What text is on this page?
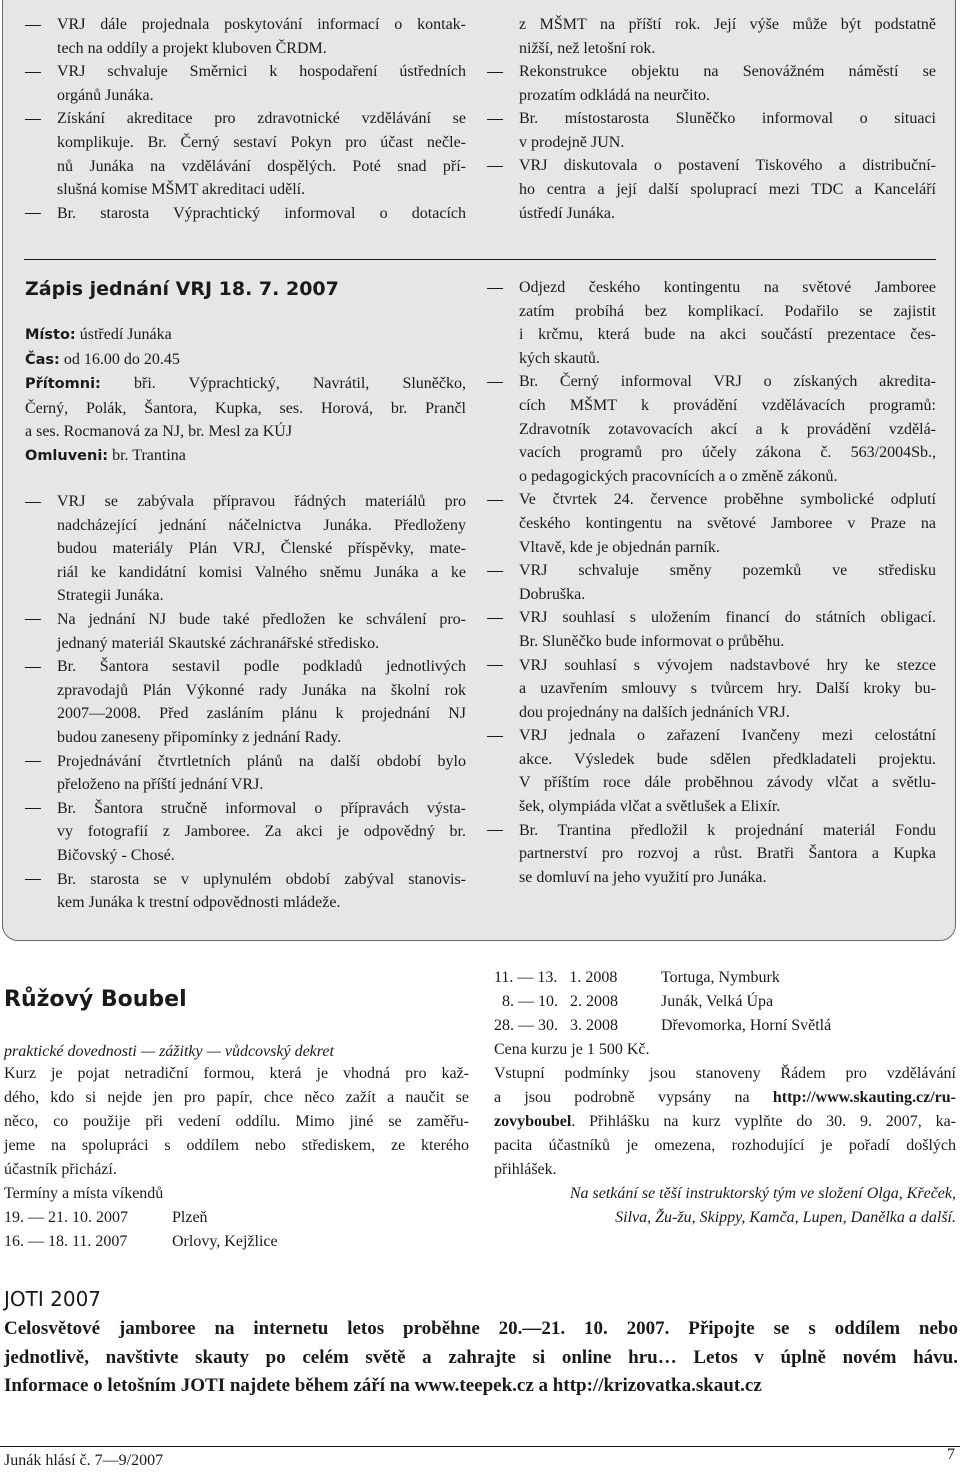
VRJ dále projednala poskytování informací o kontak-
tech na oddíly a projekt kluboven ČRDM.
VRJ schvaluje Směrnici k hospodaření ústředních
orgánů Junáka.
Získání akreditace pro zdravotnické vzdělávání se
komplikuje. Br. Černý sestaví Pokyn pro účast nečle-
nů Junáka na vzdělávání dospělých. Poté snad pří-
slušná komise MŠMT akreditaci udělí.
Br. starosta Výprachtický informoval o dotacích
z MŠMT na příští rok. Její výše může být podstatně
nižší, než letošní rok.
Rekonstrukce objektu na Senovážném náměstí se
prozatím odkládá na neurčito.
Br. místostarosta Sluněčko informoval o situaci
v prodejně JUN.
VRJ diskutovala o postavení Tiskového a distribuční-
ho centra a její další spoluprací mezi TDC a Kanceláří
ústředí Junáka.
Zápis jednání VRJ 18. 7. 2007
Místo: ústředí Junáka
Čas: od 16.00 do 20.45
Přítomni: bři. Výprachtický, Navrátil, Sluněčko,
Černý, Polák, Šantora, Kupka, ses. Horová, br. Prančl
a ses. Rocmanová za NJ, br. Mesl za KÚJ
Omluveni: br. Trantina
VRJ se zabývala přípravou řádných materiálů pro
nadcházející jednání náčelnictva Junáka. Předloženy
budou materiály Plán VRJ, Členské příspěvky, mate-
riál ke kandidátní komisi Valného sněmu Junáka a ke
Strategii Junáka.
Na jednání NJ bude také předložen ke schválení pro-
jednaný materiál Skautské záchranářské středisko.
Br. Šantora sestavil podle podkladů jednotlivých
zpravodajů Plán Výkonné rady Junáka na školní rok
2007—2008. Před zasláním plánu k projednání NJ
budou zaneseny připomínky z jednání Rady.
Projednávání čtvrtletních plánů na další období bylo
přeloženo na příští jednání VRJ.
Br. Šantora stručně informoval o přípravách výsta-
vy fotografií z Jamboree. Za akci je odpovědný br.
Bičovský - Chosé.
Br. starosta se v uplynulém období zabýval stanovis-
kem Junáka k trestní odpovědnosti mládeže.
Odjezd českého kontingentu na světové Jamboree
zatím probíhá bez komplikací. Podařilo se zajistit
i krčmu, která bude na akci součástí prezentace čes-
kých skautů.
Br. Černý informoval VRJ o získaných akredita-
cích MŠMT k provádění vzdělávacích programů:
Zdravotník zotavovacích akcí a k provádění vzdělá-
vacích programů pro účely zákona č. 563/2004Sb.,
o pedagogických pracovnících a o změně zákonů.
Ve čtvrtek 24. července proběhne symbolické odplutí
českého kontingentu na světové Jamboree v Praze na
Vltavě, kde je objednán parník.
VRJ schvaluje směny pozemků ve středisku
Dobruška.
VRJ souhlasí s uložením financí do státních obligací.
Br. Sluněčko bude informovat o průběhu.
VRJ souhlasí s vývojem nadstavbové hry ke stezce
a uzavřením smlouvy s tvůrcem hry. Další kroky bu-
dou projednány na dalších jednáních VRJ.
VRJ jednala o zařazení Ivančeny mezi celostátní
akce. Výsledek bude sdělen předkladateli projektu.
V příštím roce dále proběhnou závody vlčat a světlu-
šek, olympiáda vlčat a světlušek a Elixír.
Br. Trantina předložil k projednání materiál Fondu
partnerství pro rozvoj a růst. Bratři Šantora a Kupka
se domluví na jeho využití pro Junáka.
Růžový Boubel
praktické dovednosti — zážitky — vůdcovský dekret
Kurz je pojat netradiční formou, která je vhodná pro kaž-
dého, kdo si nejde jen pro papír, chce něco zažít a naučit se
něco, co použije při vedení oddílu. Mimo jiné se zaměřu-
jeme na spolupráci s oddílem nebo střediskem, ze kterého
účastník přichází.
Termíny a místa víkendů
19. — 21. 10. 2007	Plzeň
16. — 18. 11. 2007	Orlovy, Kejžlice
11. — 13.   1. 2008	Tortuga, Nymburk
8. — 10.   2. 2008	Junák, Velká Úpa
28. — 30.   3. 2008	Dřevomorka, Horní Světlá
Cena kurzu je 1 500 Kč.
Vstupní podmínky jsou stanoveny Řádem pro vzdělávání
a jsou podrobně vypsány na http://www.skauting.cz/ru-
zovyboubel. Přihlášku na kurz vyplňte do 30. 9. 2007, ka-
pacita účastníků je omezena, rozhodující je pořadí došlých
přihlášek.
Na setkání se těší instruktorský tým ve složení Olga, Křeček,
Silva, Žu-žu, Skippy, Kamča, Lupen, Danělka a další.
JOTI 2007
Celosvětové jamboree na internetu letos proběhne 20.—21. 10. 2007. Připojte se s oddílem nebo
jednotlivě, navštivte skauty po celém světě a zahrajte si online hru… Letos v úplně novém hávu.
Informace o letošním JOTI najdete během září na www.teepek.cz a http://krizovatka.skaut.cz
Junák hlásí č. 7—9/2007	7
